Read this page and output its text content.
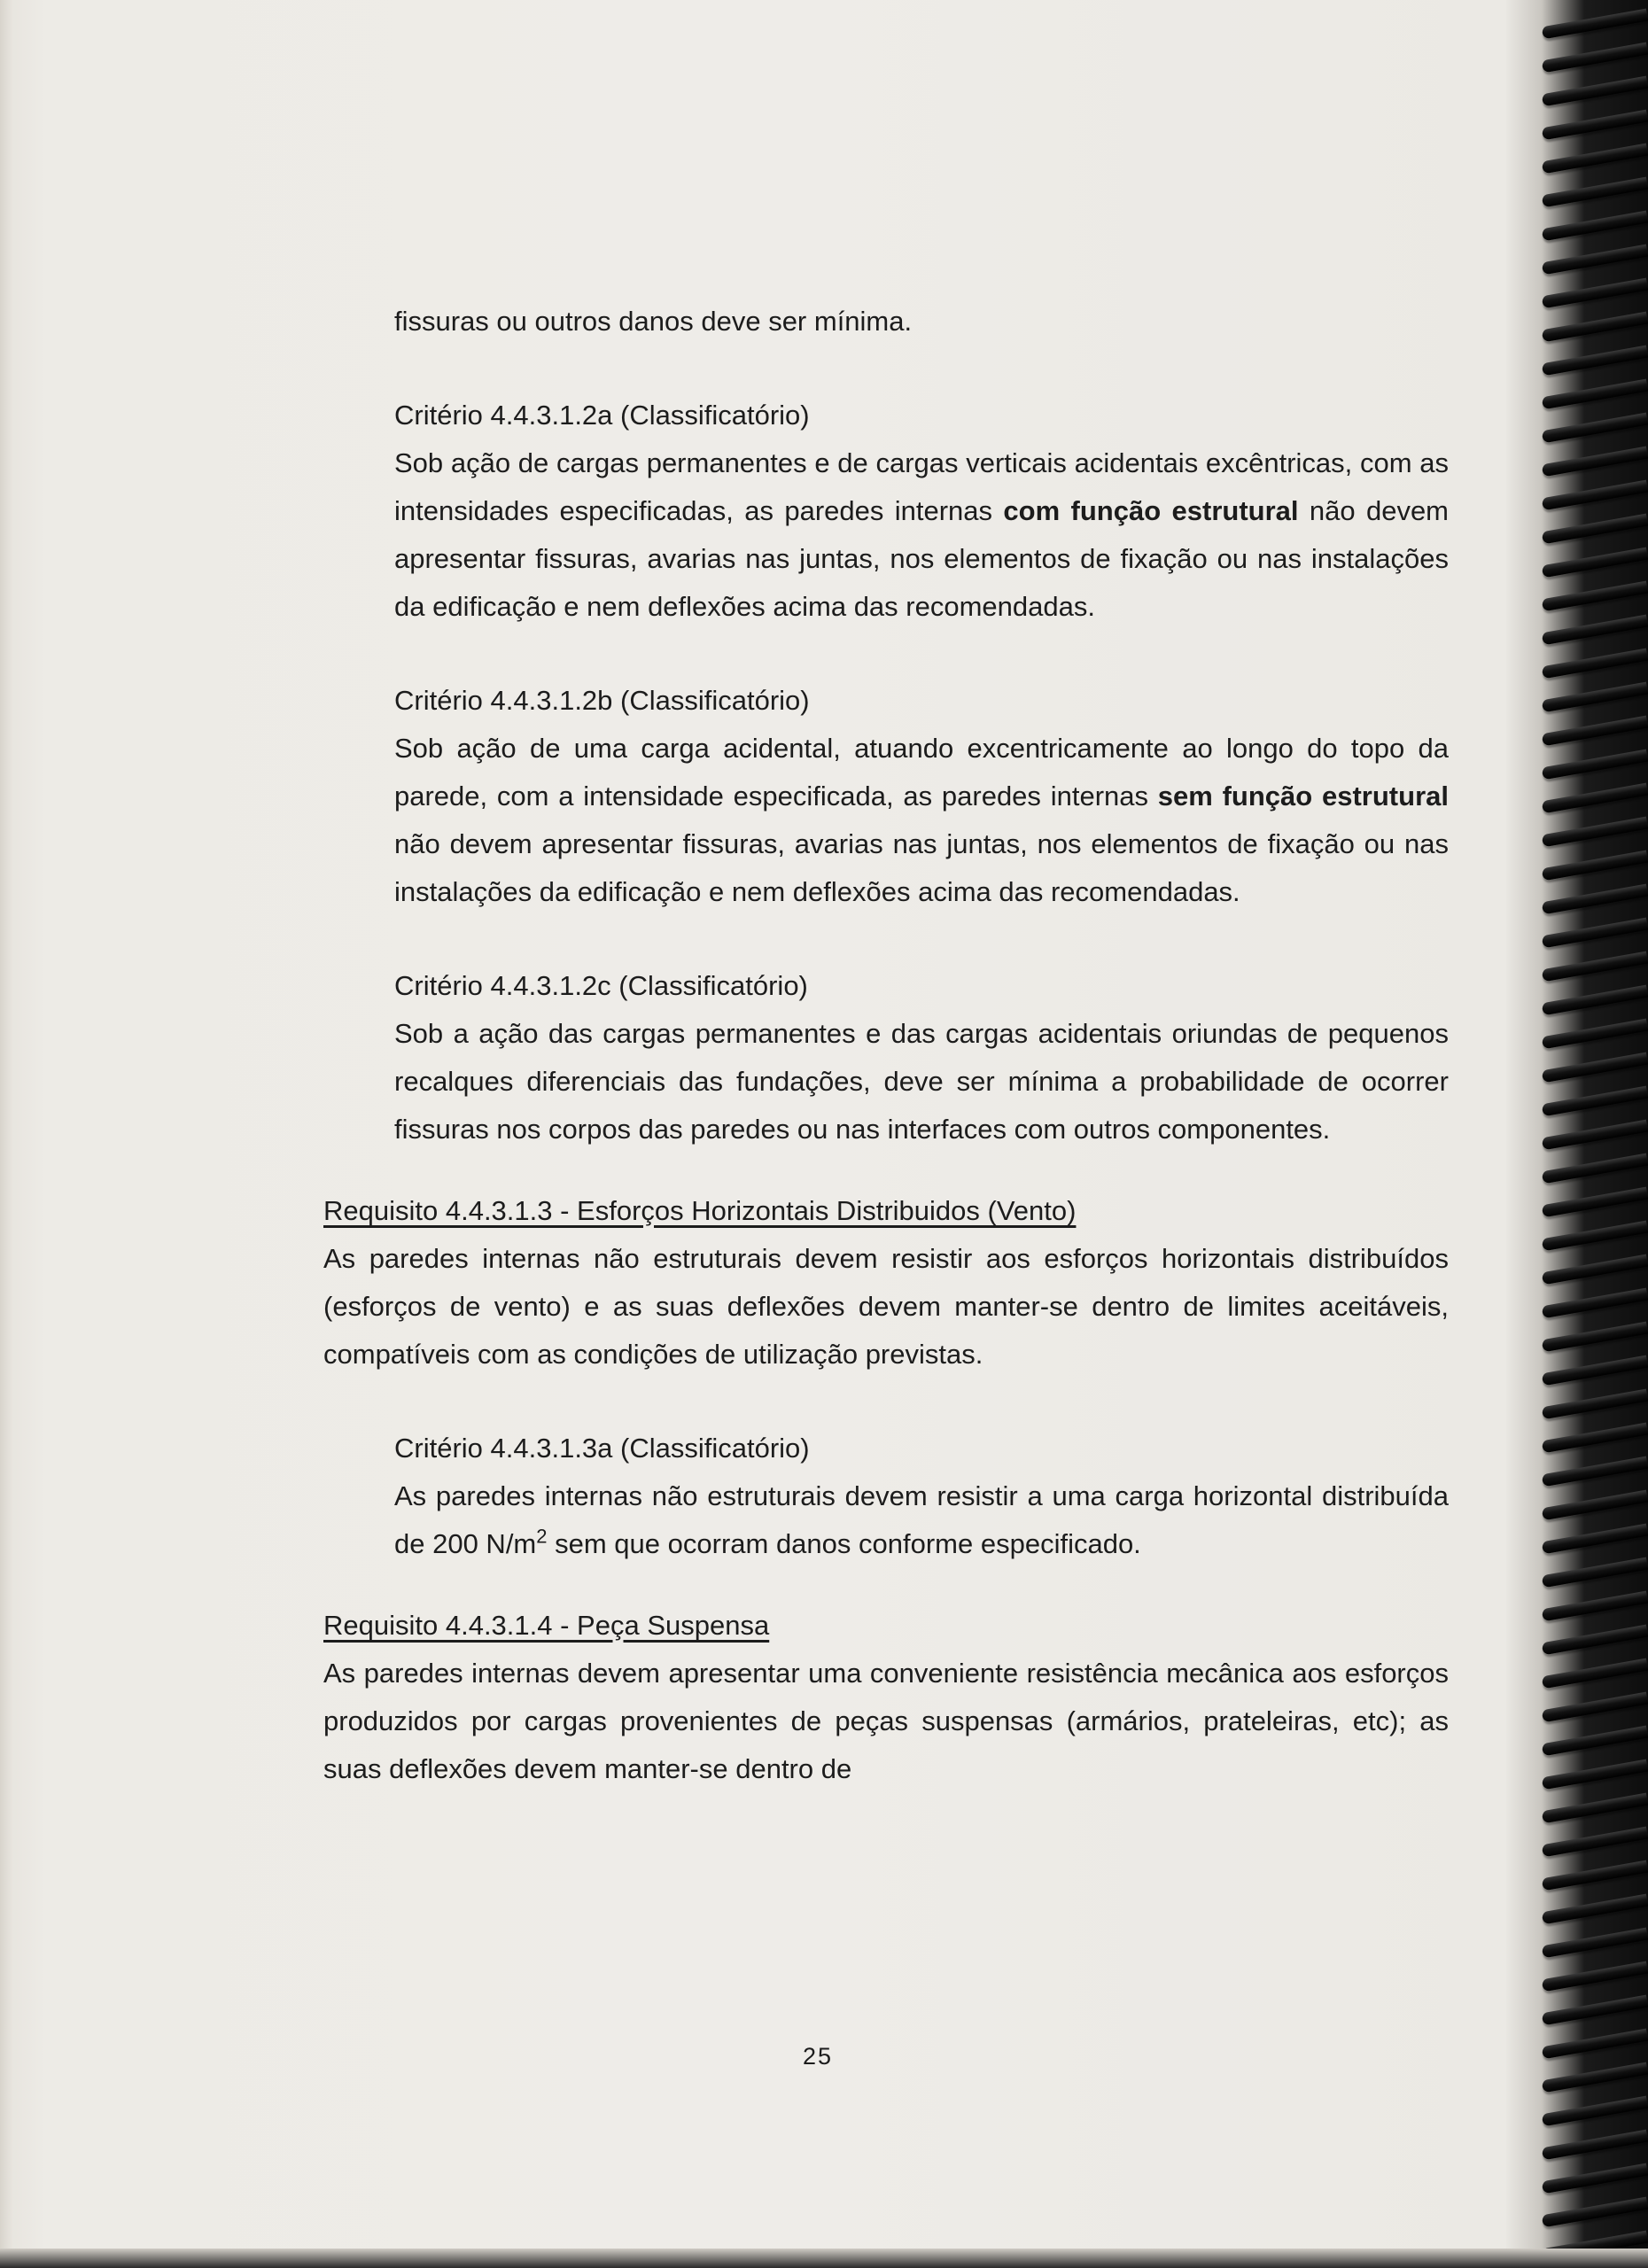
fissuras ou outros danos deve ser mínima.

Critério 4.4.3.1.2a (Classificatório)

Sob ação de cargas permanentes e de cargas verticais acidentais excêntricas, com as intensidades especificadas, as paredes internas com função estrutural não devem apresentar fissuras, avarias nas juntas, nos elementos de fixação ou nas instalações da edificação e nem deflexões acima das recomendadas.

Critério 4.4.3.1.2b (Classificatório)

Sob ação de uma carga acidental, atuando excentricamente ao longo do topo da parede, com a intensidade especificada, as paredes internas sem função estrutural não devem apresentar fissuras, avarias nas juntas, nos elementos de fixação ou nas instalações da edificação e nem deflexões acima das recomendadas.

Critério 4.4.3.1.2c (Classificatório)

Sob a ação das cargas permanentes e das cargas acidentais oriundas de pequenos recalques diferenciais das fundações, deve ser mínima a probabilidade de ocorrer fissuras nos corpos das paredes ou nas interfaces com outros componentes.

Requisito 4.4.3.1.3 - Esforços Horizontais Distribuidos (Vento)

As paredes internas não estruturais devem resistir aos esforços horizontais distribuídos (esforços de vento) e as suas deflexões devem manter-se dentro de limites aceitáveis, compatíveis com as condições de utilização previstas.

Critério 4.4.3.1.3a (Classificatório)

As paredes internas não estruturais devem resistir a uma carga horizontal distribuída de 200 $N/m^2$ sem que ocorram danos conforme especificado.

Requisito 4.4.3.1.4 - Peça Suspensa

As paredes internas devem apresentar uma conveniente resistência mecânica aos esforços produzidos por cargas provenientes de peças suspensas (armários, prateleiras, etc); as suas deflexões devem manter-se dentro de

25
